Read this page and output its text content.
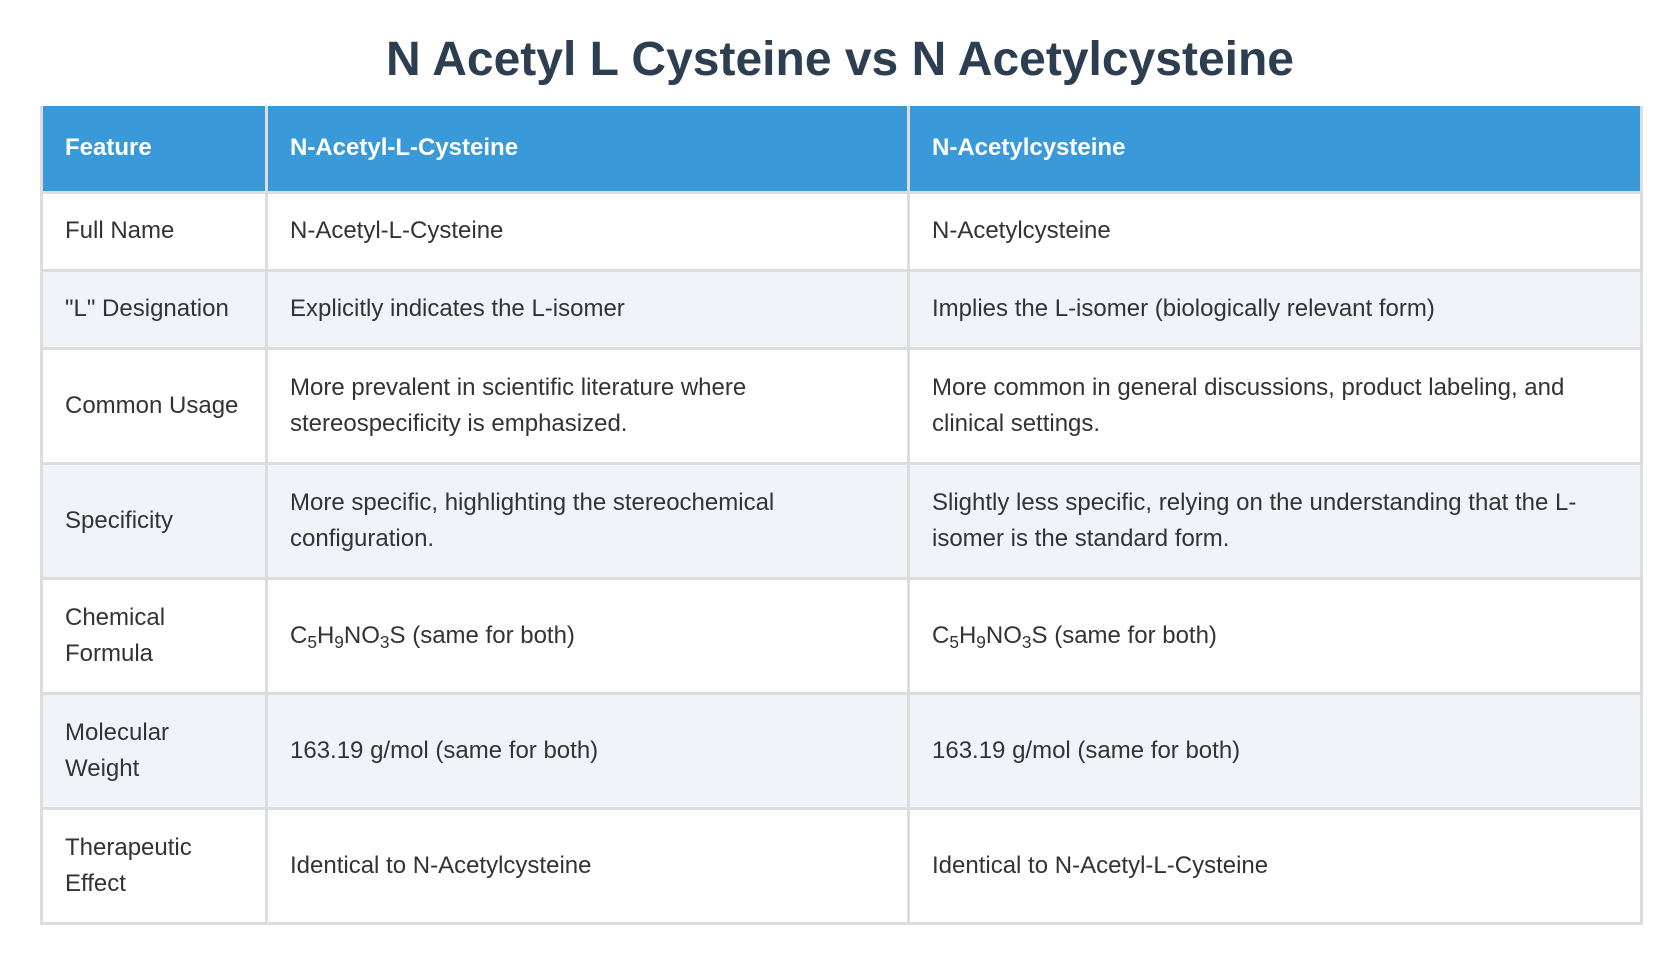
N Acetyl L Cysteine vs N Acetylcysteine
Feature	N-Acetyl-L-Cysteine	N-Acetylcysteine
Full Name	N-Acetyl-L-Cysteine	N-Acetylcysteine
"L" Designation	Explicitly indicates the L-isomer	Implies the L-isomer (biologically relevant form)
Common Usage	More prevalent in scientific literature where stereospecificity is emphasized.	More common in general discussions, product labeling, and clinical settings.
Specificity	More specific, highlighting the stereochemical configuration.	Slightly less specific, relying on the understanding that the L-isomer is the standard form.
Chemical Formula	$C_5H_9NO_3S$ (same for both)	$C_5H_9NO_3S$ (same for both)
Molecular Weight	163.19 g/mol (same for both)	163.19 g/mol (same for both)
Therapeutic Effect	Identical to N-Acetylcysteine	Identical to N-Acetyl-L-Cysteine
